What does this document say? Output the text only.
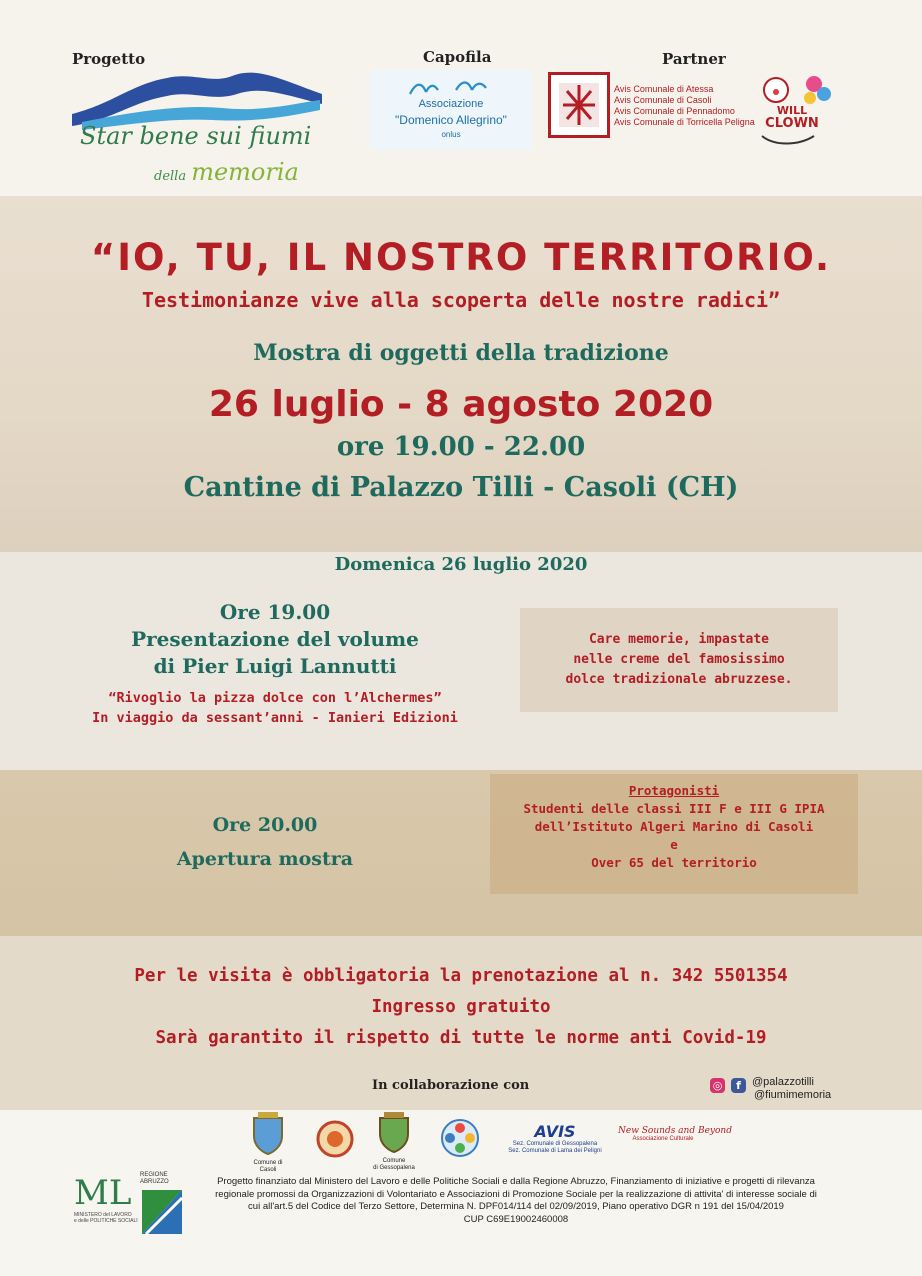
Progetto	Capofila	Partner
Star bene sui fiumi
della memoria
Associazione
"Domenico Allegrino"
onlus
Avis Comunale di Atessa
Avis Comunale di Casoli
Avis Comunale di Pennadomo
Avis Comunale di Torricella Peligna
WILL
CLOWN
“IO, TU, IL NOSTRO TERRITORIO.
Testimonianze vive alla scoperta delle nostre radici”
Mostra di oggetti della tradizione
26 luglio - 8 agosto 2020
ore 19.00 - 22.00
Cantine di Palazzo Tilli - Casoli (CH)
Domenica 26 luglio 2020
Ore 19.00
Presentazione del volume
di Pier Luigi Lannutti
“Rivoglio la pizza dolce con l’Alchermes”
In viaggio da sessant’anni - Ianieri Edizioni
Care memorie, impastate
nelle creme del famosissimo
dolce tradizionale abruzzese.
Ore 20.00
Apertura mostra
Protagonisti
Studenti delle classi III F e III G IPIA
dell’Istituto Algeri Marino di Casoli
e
Over 65 del territorio
Per le visita è obbligatoria la prenotazione al n. 342 5501354
Ingresso gratuito
Sarà garantito il rispetto di tutte le norme anti Covid-19
In collaborazione con	◎	f	@palazzotilli
@fiumimemoria
Comune di Casoli
Comune
di Gessopalena
AVIS
Sez. Comunale di Gessopalena
Sez. Comunale di Lama dei Peligni
New Sounds and Beyond
Associazione Culturale
ML
MINISTERO del LAVORO
e delle POLITICHE SOCIALI
REGIONE
ABRUZZO	Progetto finanziato dal Ministero del Lavoro e delle Politiche Sociali e dalla Regione Abruzzo, Finanziamento di iniziative e progetti di rilevanza
regionale promossi da Organizzazioni di Volontariato e Associazioni di Promozione Sociale per la realizzazione di attivita' di interesse sociale di
cui all'art.5 del Codice del Terzo Settore, Determina N. DPF014/114 del 02/09/2019, Piano operativo DGR n 191 del 15/04/2019
CUP C69E19002460008
